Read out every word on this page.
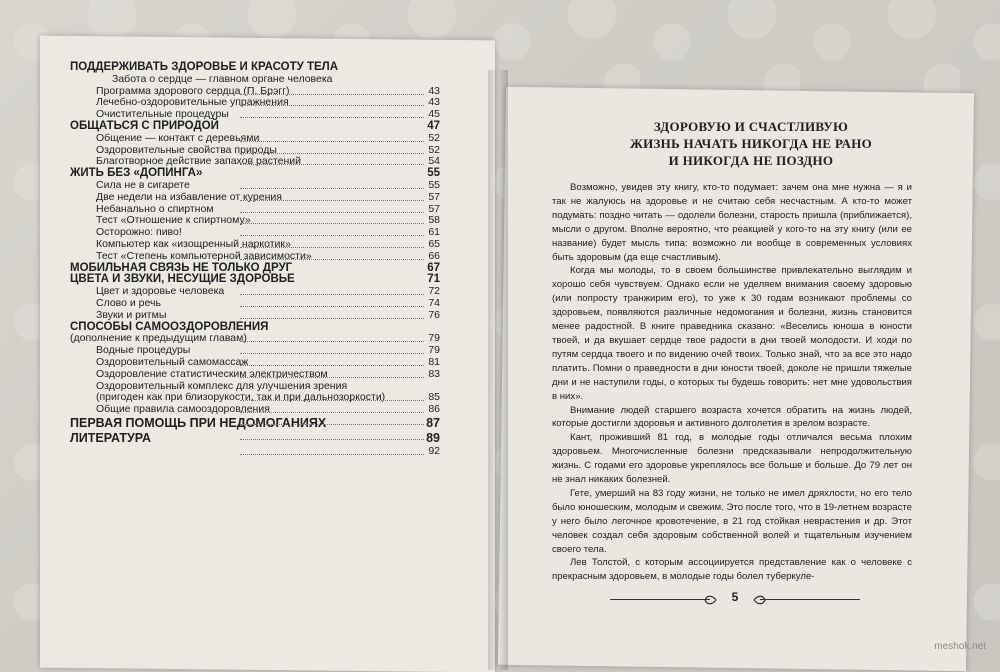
ПОДДЕРЖИВАТЬ ЗДОРОВЬЕ И КРАСОТУ ТЕЛА
Забота о сердце — главном органе человека
Программа здорового сердца (П. Брэгг)	43
Лечебно-оздоровительные упражнения	43
Очистительные процедуры	45
ОБЩАТЬСЯ С ПРИРОДОЙ	47
Общение — контакт с деревьями	52
Оздоровительные свойства природы	52
Благотворное действие запахов растений	54
ЖИТЬ БЕЗ «ДОПИНГА»	55
Сила не в сигарете	55
Две недели на избавление от курения	57
Небанально о спиртном	57
Тест «Отношение к спиртному»	58
Осторожно: пиво!	61
Компьютер как «изощренный наркотик»	65
Тест «Степень компьютерной зависимости»	66
МОБИЛЬНАЯ СВЯЗЬ НЕ ТОЛЬКО ДРУГ	67
ЦВЕТА И ЗВУКИ, НЕСУЩИЕ ЗДОРОВЬЕ	71
Цвет и здоровье человека	72
Слово и речь	74
Звуки и ритмы	76
СПОСОБЫ САМООЗДОРОВЛЕНИЯ
(дополнение к предыдущим главам)	79
Водные процедуры	79
Оздоровительный самомассаж	81
Оздоровление статистическим электричеством	83
Оздоровительный комплекс для улучшения зрения
(пригоден как при близорукости, так и при дальнозоркости)	85
Общие правила самооздоровления	86
ПЕРВАЯ ПОМОЩЬ ПРИ НЕДОМОГАНИЯХ	87
ЛИТЕРАТУРА	89
92
ЗДОРОВУЮ И СЧАСТЛИВУЮ
ЖИЗНЬ НАЧАТЬ НИКОГДА НЕ РАНО
И НИКОГДА НЕ ПОЗДНО

Возможно, увидев эту книгу, кто-то подумает: зачем она мне нужна — я и так не жалуюсь на здоровье и не считаю себя несчастным. А кто-то может подумать: поздно читать — одолели болезни, старость пришла (приближается), мысли о другом. Вполне вероятно, что реакцией у кого-то на эту книгу (или ее название) будет мысль типа: возможно ли вообще в современных условиях быть здоровым (да еще счастливым).

Когда мы молоды, то в своем большинстве привлекательно выглядим и хорошо себя чувствуем. Однако если не уделяем внимания своему здоровью (или попросту транжирим его), то уже к 30 годам возникают проблемы со здоровьем, появляются различные недомогания и болезни, жизнь становится менее радостной. В книге праведника сказано: «Веселись юноша в юности твоей, и да вкушает сердце твое радости в дни твоей молодости. И ходи по путям сердца твоего и по видению очей твоих. Только знай, что за все это надо платить. Помни о праведности в дни юности твоей, доколе не пришли тяжелые дни и не наступили годы, о которых ты будешь говорить: нет мне удовольствия в них».

Внимание людей старшего возраста хочется обратить на жизнь людей, которые достигли здоровья и активного долголетия в зрелом возрасте.

Кант, проживший 81 год, в молодые годы отличался весьма плохим здоровьем. Многочисленные болезни предсказывали непродолжительную жизнь. С годами его здоровье укреплялось все больше и больше. До 79 лет он не знал никаких болезней.

Гете, умерший на 83 году жизни, не только не имел дряхлости, но его тело было юношеским, молодым и свежим. Это после того, что в 19-летнем возрасте у него было легочное кровотечение, в 21 год стойкая неврастения и др. Этот человек создал себя здоровым собственной волей и тщательным изучением своего тела.

Лев Толстой, с которым ассоциируется представление как о человеке с прекрасным здоровьем, в молодые годы болел туберкуле-

5
meshok.net
